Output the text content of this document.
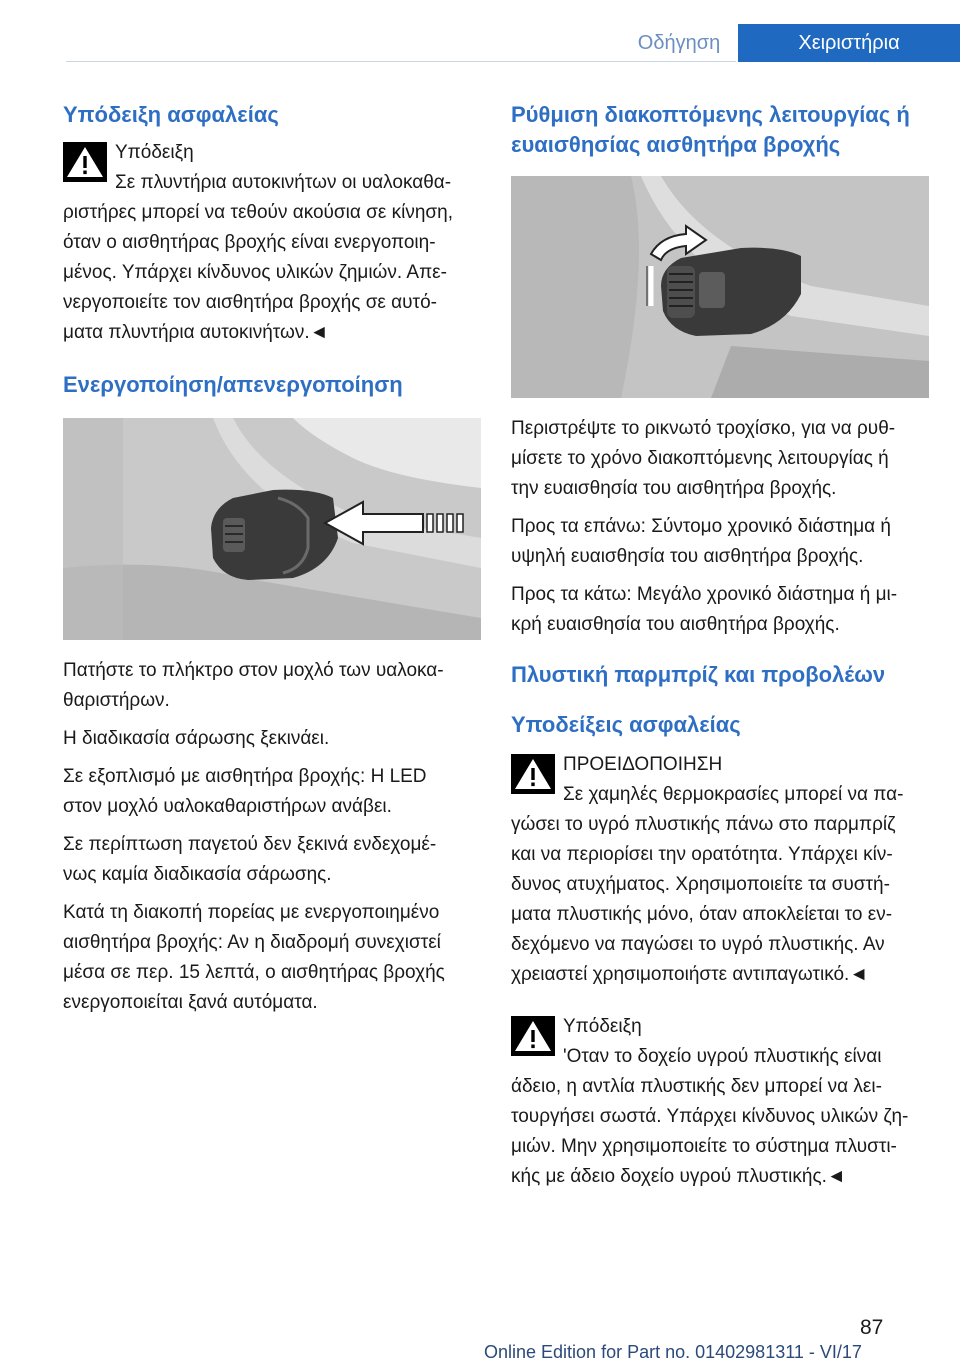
Οδήγηση	Χειριστήρια
Υπόδειξη ασφαλείας

Υπόδειξη

Σε πλυντήρια αυτοκινήτων οι υαλοκαθα-

ριστήρες μπορεί να τεθούν ακούσια σε κίνηση,

όταν ο αισθητήρας βροχής είναι ενεργοποιη-

μένος. Υπάρχει κίνδυνος υλικών ζημιών. Απε-

νεργοποιείτε τον αισθητήρα βροχής σε αυτό-

ματα πλυντήρια αυτοκινήτων.◄

Ενεργοποίηση/απενεργοποίηση

Πατήστε το πλήκτρο στον μοχλό των υαλοκα-

θαριστήρων.

Η διαδικασία σάρωσης ξεκινάει.

Σε εξοπλισμό με αισθητήρα βροχής: Η LED

στον μοχλό υαλοκαθαριστήρων ανάβει.

Σε περίπτωση παγετού δεν ξεκινά ενδεχομέ-

νως καμία διαδικασία σάρωσης.

Κατά τη διακοπή πορείας με ενεργοποιημένο

αισθητήρα βροχής: Αν η διαδρομή συνεχιστεί

μέσα σε περ. 15 λεπτά, ο αισθητήρας βροχής

ενεργοποιείται ξανά αυτόματα.

Ρύθμιση διακοπτόμενης λειτουργίας ή
ευαισθησίας αισθητήρα βροχής

Περιστρέψτε το ρικνωτό τροχίσκο, για να ρυθ-

μίσετε το χρόνο διακοπτόμενης λειτουργίας ή

την ευαισθησία του αισθητήρα βροχής.

Προς τα επάνω: Σύντομο χρονικό διάστημα ή

υψηλή ευαισθησία του αισθητήρα βροχής.

Προς τα κάτω: Μεγάλο χρονικό διάστημα ή μι-

κρή ευαισθησία του αισθητήρα βροχής.

Πλυστική παρμπρίζ και προβολέων
Υποδείξεις ασφαλείας

ΠΡΟΕΙΔΟΠΟΙΗΣΗ

Σε χαμηλές θερμοκρασίες μπορεί να πα-

γώσει το υγρό πλυστικής πάνω στο παρμπρίζ

και να περιορίσει την ορατότητα. Υπάρχει κίν-

δυνος ατυχήματος. Χρησιμοποιείτε τα συστή-

ματα πλυστικής μόνο, όταν αποκλείεται το εν-

δεχόμενο να παγώσει το υγρό πλυστικής. Αν

χρειαστεί χρησιμοποιήστε αντιπαγωτικό.◄

Υπόδειξη

'Οταν το δοχείο υγρού πλυστικής είναι

άδειο, η αντλία πλυστικής δεν μπορεί να λει-

τουργήσει σωστά. Υπάρχει κίνδυνος υλικών ζη-

μιών. Μην χρησιμοποιείτε το σύστημα πλυστι-

κής με άδειο δοχείο υγρού πλυστικής.◄

87
Online Edition for Part no. 01402981311 - VI/17
